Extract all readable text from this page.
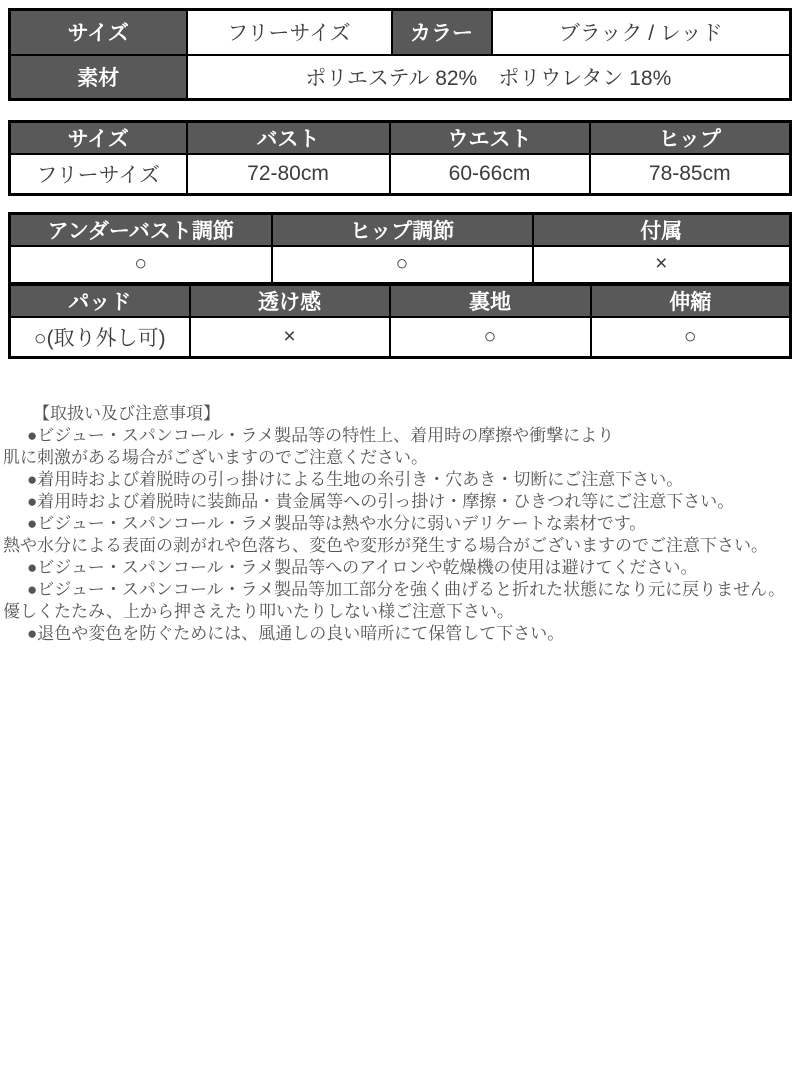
サイズ	フリーサイズ	カラー	ブラック / レッド
素材	ポリエステル 82%　ポリウレタン 18%		
サイズ	バスト	ウエスト	ヒップ
フリーサイズ	72-80cm	60-66cm	78-85cm
アンダーバスト調節	ヒップ調節	付属
○	○	×
パッド	透け感	裏地	伸縮
○(取り外し可)	×	○	○
【取扱い及び注意事項】
●ビジュー・スパンコール・ラメ製品等の特性上、着用時の摩擦や衝撃により
肌に刺激がある場合がございますのでご注意ください。
●着用時および着脱時の引っ掛けによる生地の糸引き・穴あき・切断にご注意下さい。
●着用時および着脱時に装飾品・貴金属等への引っ掛け・摩擦・ひきつれ等にご注意下さい。
●ビジュー・スパンコール・ラメ製品等は熱や水分に弱いデリケートな素材です。
熱や水分による表面の剥がれや色落ち、変色や変形が発生する場合がございますのでご注意下さい。
●ビジュー・スパンコール・ラメ製品等へのアイロンや乾燥機の使用は避けてください。
●ビジュー・スパンコール・ラメ製品等加工部分を強く曲げると折れた状態になり元に戻りません。
優しくたたみ、上から押さえたり叩いたりしない様ご注意下さい。
●退色や変色を防ぐためには、風通しの良い暗所にて保管して下さい。
